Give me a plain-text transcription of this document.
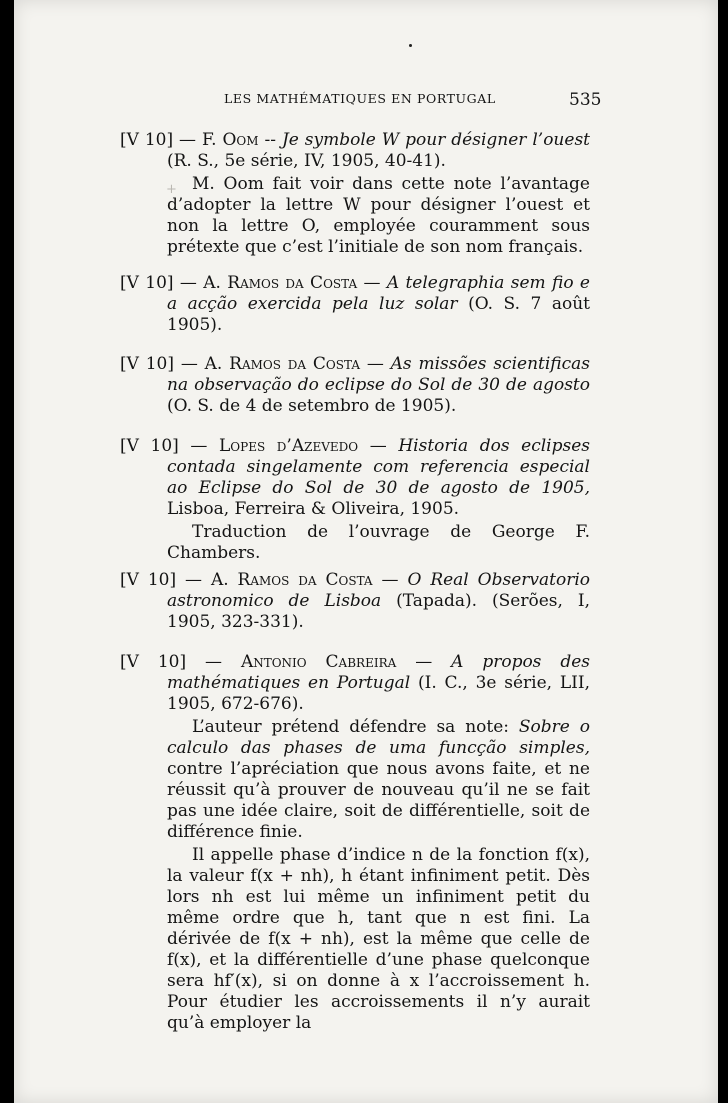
LES MATHÉMATIQUES EN PORTUGAL	535

[V 10] — F. Oom -- Je symbole W pour désigner l’ouest (R. S., 5e série, IV, 1905, 40-41).

M. Oom fait voir dans cette note l’avantage d’adopter la lettre W pour désigner l’ouest et non la lettre O, employée couramment sous prétexte que c’est l’initiale de son nom français.

[V 10] — A. Ramos da Costa — A telegraphia sem fio e a acção exercida pela luz solar (O. S. 7 août 1905).

[V 10] — A. Ramos da Costa — As missões scientificas na observação do eclipse do Sol de 30 de agosto (O. S. de 4 de setembro de 1905).

[V 10] — Lopes d’Azevedo — Historia dos eclipses contada singelamente com referencia especial ao Eclipse do Sol de 30 de agosto de 1905, Lisboa, Ferreira & Oliveira, 1905.

Traduction de l’ouvrage de George F. Chambers.

[V 10] — A. Ramos da Costa — O Real Observatorio astronomico de Lisboa (Tapada). (Serões, I, 1905, 323-331).

[V 10] — Antonio Cabreira — A propos des mathématiques en Portugal (I. C., 3e série, LII, 1905, 672-676).

L’auteur prétend défendre sa note: Sobre o calculo das phases de uma funcção simples, contre l’apréciation que nous avons faite, et ne réussit qu’à prouver de nouveau qu’il ne se fait pas une idée claire, soit de différentielle, soit de différence finie.

Il appelle phase d’indice n de la fonction f(x), la valeur f(x + nh), h étant infiniment petit. Dès lors nh est lui même un infiniment petit du même ordre que h, tant que n est fini. La dérivée de f(x + nh), est la même que celle de f(x), et la différentielle d’une phase quelconque sera hf′(x), si on donne à x l’accroissement h. Pour étudier les accroissements il n’y aurait qu’à employer la

+
